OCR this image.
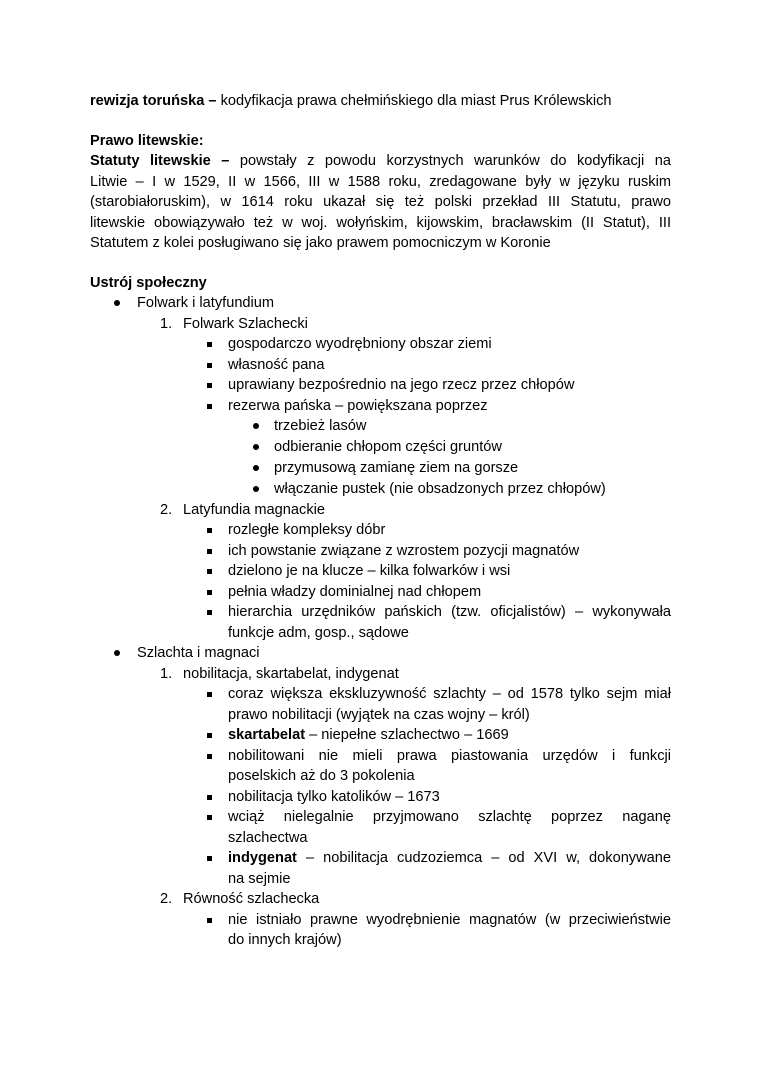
rewizja toruńska – kodyfikacja prawa chełmińskiego dla miast Prus Królewskich
Prawo litewskie:
Statuty litewskie – powstały z powodu korzystnych warunków do kodyfikacji na
Litwie – I w 1529, II w 1566, III w 1588 roku, zredagowane były w języku ruskim
(starobiałoruskim), w 1614 roku ukazał się też polski przekład III Statutu, prawo
litewskie obowiązywało też w woj. wołyńskim, kijowskim, bracławskim (II Statut), III
Statutem z kolei posługiwano się jako prawem pomocniczym w Koronie
Ustrój społeczny
Folwark i latyfundium
1. Folwark Szlachecki
gospodarczo wyodrębniony obszar ziemi
własność pana
uprawiany bezpośrednio na jego rzecz przez chłopów
rezerwa pańska – powiększana poprzez
trzebież lasów
odbieranie chłopom części gruntów
przymusową zamianę ziem na gorsze
włączanie pustek (nie obsadzonych przez chłopów)
2. Latyfundia magnackie
rozległe kompleksy dóbr
ich powstanie związane z wzrostem pozycji magnatów
dzielono je na klucze – kilka folwarków i wsi
pełnia władzy dominialnej nad chłopem
hierarchia urzędników pańskich (tzw. oficjalistów) – wykonywała
funkcje adm, gosp., sądowe
Szlachta i magnaci
1. nobilitacja, skartabelat, indygenat
coraz większa ekskluzywność szlachty – od 1578 tylko sejm miał
prawo nobilitacji (wyjątek na czas wojny – król)
skartabelat – niepełne szlachectwo – 1669
nobilitowani nie mieli prawa piastowania urzędów i funkcji
poselskich aż do 3 pokolenia
nobilitacja tylko katolików – 1673
wciąż nielegalnie przyjmowano szlachtę poprzez naganę
szlachectwa
indygenat – nobilitacja cudzoziemca – od XVI w, dokonywane
na sejmie
2. Równość szlachecka
nie istniało prawne wyodrębnienie magnatów (w przeciwieństwie
do innych krajów)
